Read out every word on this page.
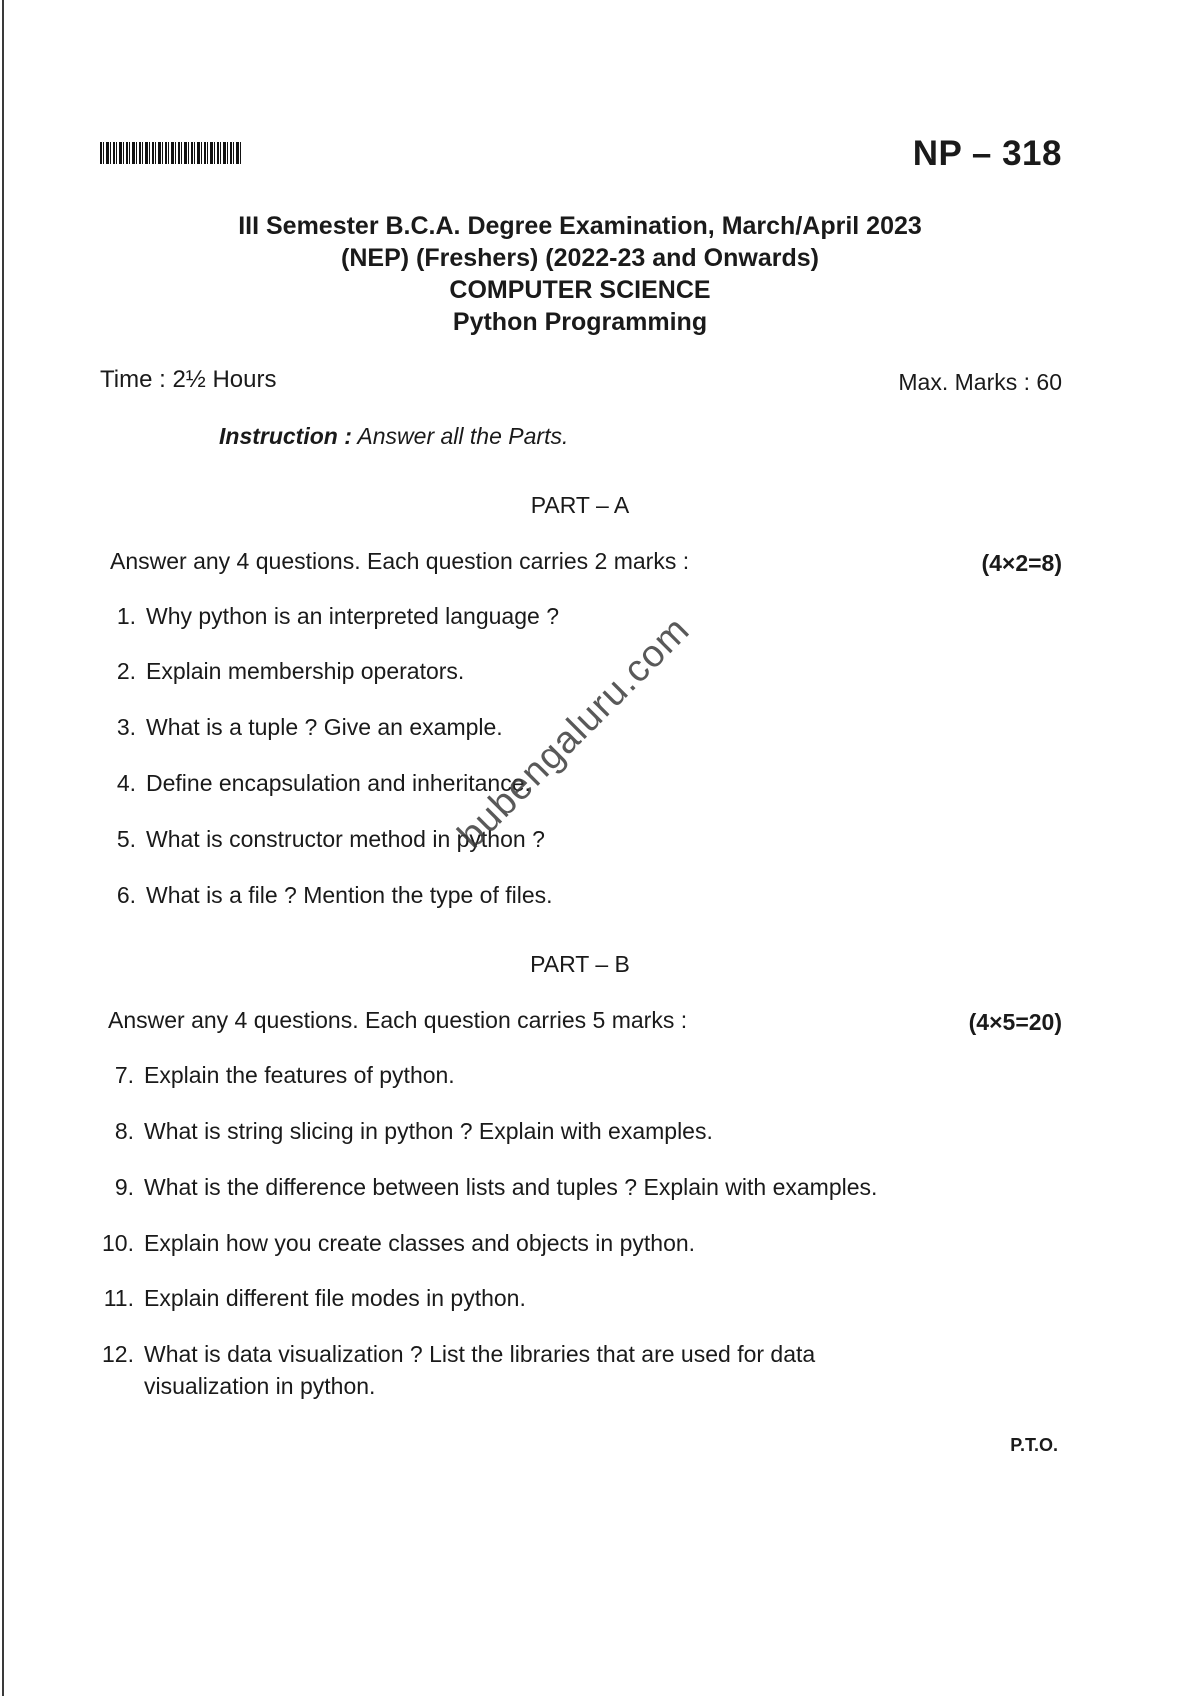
NP – 318
III Semester B.C.A. Degree Examination, March/April 2023
(NEP) (Freshers) (2022-23 and Onwards)
COMPUTER SCIENCE
Python Programming
Time : 2½ Hours	Max. Marks : 60
Instruction : Answer all the Parts.
PART – A
Answer any 4 questions. Each question carries 2 marks :	(4×2=8)
1. Why python is an interpreted language ?
2. Explain membership operators.
3. What is a tuple ? Give an example.
4. Define encapsulation and inheritance.
5. What is constructor method in python ?
6. What is a file ? Mention the type of files.
PART – B
Answer any 4 questions. Each question carries 5 marks :	(4×5=20)
7. Explain the features of python.
8. What is string slicing in python ? Explain with examples.
9. What is the difference between lists and tuples ? Explain with examples.
10. Explain how you create classes and objects in python.
11. Explain different file modes in python.
12. What is data visualization ? List the libraries that are used for data visualization in python.
P.T.O.
bubengaluru.com
